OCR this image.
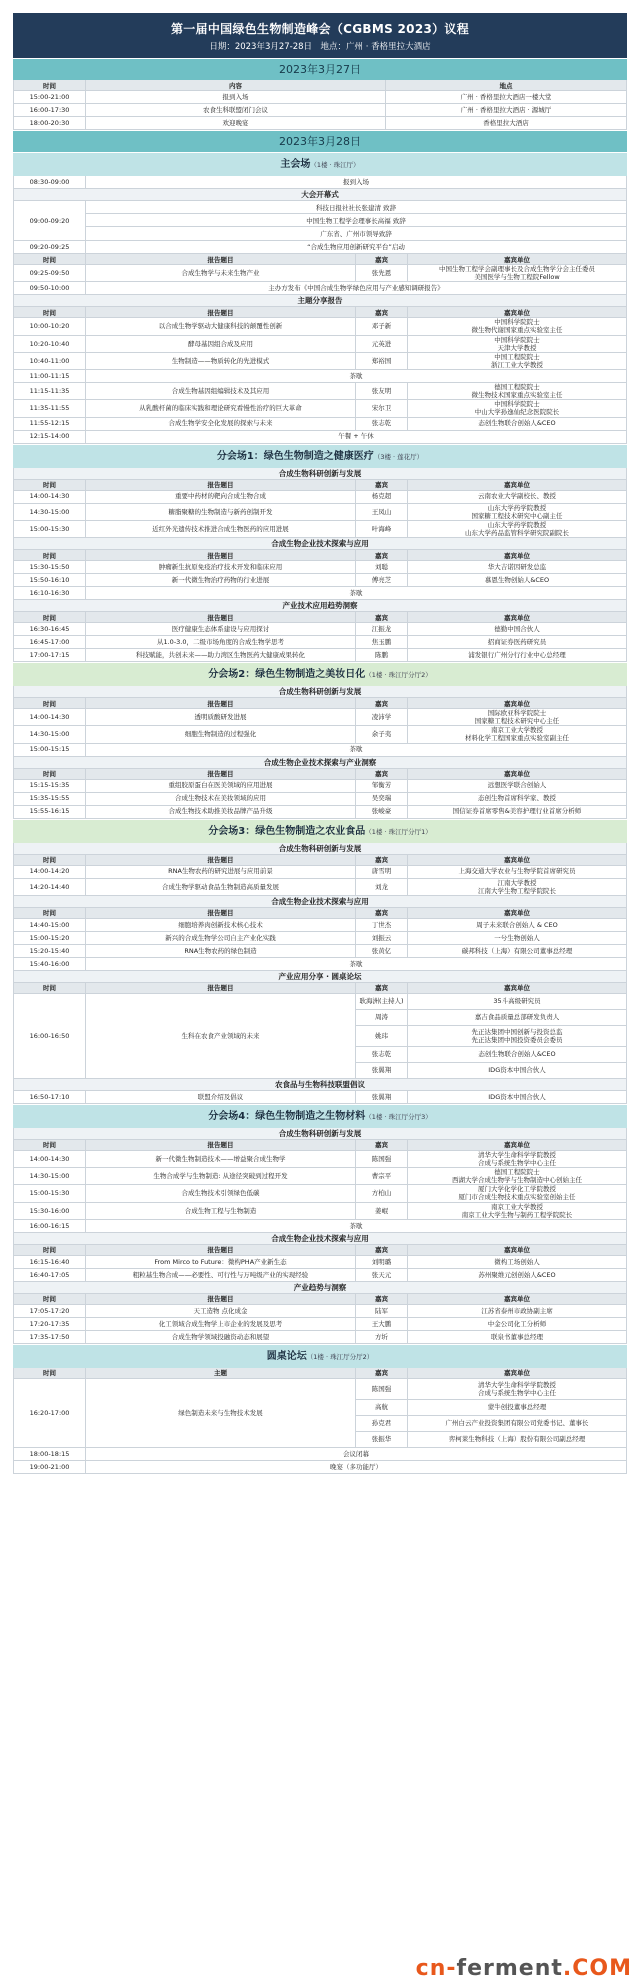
第一届中国绿色生物制造峰会（CGBMS 2023）议程
日期：2023年3月27-28日　地点：广州 · 香格里拉大酒店
2023年3月27日
时间	内容	地点
15:00-21:00	报到入场	广州 · 香格里拉大酒店一楼大堂
16:00-17:30	农食生科联盟闭门会议	广州 · 香格里拉大酒店 · 源城厅
18:00-20:30	欢迎晚宴	香格里拉大酒店
2023年3月28日
主会场（1楼 · 珠江厅）
08:30-09:00	报到入场
大会开幕式
09:00-09:20
科技日报社社长张建清 致辞
中国生物工程学会理事长高福 致辞
广东省、广州市领导致辞
09:20-09:25	“合成生物应用创新研究平台”启动
时间	报告题目	嘉宾	嘉宾单位
09:25-09:50	合成生物学与未来生物产业	张先恩
中国生物工程学会副理事长及合成生物学分会主任委员
美国医学与生物工程院Fellow
09:50-10:00	主办方发布《中国合成生物学绿色应用与产业感知调研报告》
主题分享报告
时间	报告题目	嘉宾	嘉宾单位
10:00-10:20	以合成生物学驱动大健康科技的颠覆性创新	邓子新
中国科学院院士
微生物代谢国家重点实验室主任
10:20-10:40	酵母基因组合成及应用	元英进
中国科学院院士
天津大学教授
10:40-11:00	生物制造——物质转化的先进模式	郑裕国
中国工程院院士
浙江工业大学教授
11:00-11:15	茶歇
11:15-11:35	合成生物基因组编辑技术及其应用	张友明
德国工程院院士
微生物技术国家重点实验室主任
11:35-11:55	从乳酸杆菌的临床实践和理论研究看慢性治疗的巨大革命	宋尔卫
中国科学院院士
中山大学孙逸仙纪念医院院长
11:55-12:15	合成生物学安全化发展的探索与未来	张志乾	态创生物联合创始人&CEO
12:15-14:00	午餐 + 午休
分会场1：绿色生物制造之健康医疗（3楼 · 莲花厅）
合成生物科研创新与发展
时间	报告题目	嘉宾	嘉宾单位
14:00-14:30	重要中药材的靶向合成生物合成	杨克超	云南农业大学副校长、教授
14:30-15:00	糖脂聚糖的生物制造与新药创制开发	王凤山
山东大学药学院教授
国家糖工程技术研究中心副主任
15:00-15:30	近红外光遗传技术推进合成生物医药的应用进展	叶海峰
山东大学药学院教授
山东大学药品监管科学研究院副院长
合成生物企业技术探索与应用
时间	报告题目	嘉宾	嘉宾单位
15:30-15:50	肿瘤新生抗原免疫治疗技术开发和临床应用	刘聪	华大吉诺因研发总监
15:50-16:10	新一代微生物治疗药物的行业进展	傅亮芝	慕恩生物创始人&CEO
16:10-16:30	茶歇
产业技术应用趋势洞察
时间	报告题目	嘉宾	嘉宾单位
16:30-16:45	医疗健康生态体系建设与应用探讨	江振龙	德勤中国合伙人
16:45-17:00	从1.0-3.0，二级市场角度的合成生物学思考	焦玉鹏	招商证券医药研究员
17:00-17:15	科技赋能，共创未来——助力湾区生物医药大健康成果转化	陈鹏	浦发银行广州分行行业中心总经理
分会场2：绿色生物制造之美妆日化（1楼 · 珠江厅分厅2）
合成生物科研创新与发展
时间	报告题目	嘉宾	嘉宾单位
14:00-14:30	透明质酸研发进展	凌沛学
国际欧亚科学院院士
国家糖工程技术研究中心主任
14:30-15:00	细胞生物制造的过程强化	余子夷
南京工业大学教授
材料化学工程国家重点实验室副主任
15:00-15:15	茶歇
合成生物企业技术探索与产业洞察
时间	报告题目	嘉宾	嘉宾单位
15:15-15:35	重组胶原蛋白在医美领域的应用进展	邹衡芳	远想医学联合创始人
15:35-15:55	合成生物技术在美妆领域的应用	吴奕瑞	态创生物首席科学家、教授
15:55-16:15	合成生物技术助推美妆品牌产品升级	张峻豪	国信证券首席零售&美容护理行业首席分析师
分会场3：绿色生物制造之农业食品（1楼 · 珠江厅分厅1）
合成生物科研创新与发展
时间	报告题目	嘉宾	嘉宾单位
14:00-14:20	RNA生物农药的研究进展与应用前景	唐雪明	上海交通大学农业与生物学院首席研究员
14:20-14:40	合成生物学驱动食品生物制造高质量发展	刘龙
江南大学教授
江南大学生物工程学院院长
合成生物企业技术探索与应用
时间	报告题目	嘉宾	嘉宾单位
14:40-15:00	细胞培养肉创新技术核心技术	丁世杰	周子未来联合创始人 & CEO
15:00-15:20	新兴的合成生物学公司自主产业化实践	刘振云	一兮生物创始人
15:20-15:40	RNA生物农药的绿色制造	张黄亿	碳邦科技（上海）有限公司董事总经理
15:40-16:00	茶歇
产业应用分享 · 圆桌论坛
时间	报告题目	嘉宾	嘉宾单位
16:00-16:50	生科在农食产业领域的未来
耿海洲(主持人)	35斗高级研究员
周涛	嘉吉食品质量总部研发负责人
姚玮
先正达集团中国创新与投资总监
先正达集团中国投资委员会委员
张志乾	态创生物联合创始人&CEO
张翼翔	IDG资本中国合伙人
农食品与生物科技联盟倡议
16:50-17:10	联盟介绍及倡议	张翼翔	IDG资本中国合伙人
分会场4：绿色生物制造之生物材料（1楼 · 珠江厅分厅3）
合成生物科研创新与发展
时间	报告题目	嘉宾	嘉宾单位
14:00-14:30	新一代微生物制造技术——增益聚合成生物学	陈国强
清华大学生命科学学院教授
合成与系统生物学中心主任
14:30-15:00	生物合成学与生物制造: 从途径突破到过程开发	曹宗平
德国工程院院士
西湖大学合成生物学与生物制造中心创始主任
15:00-15:30	合成生物技术引领绿色低碳	方柏山
厦门大学化学化工学院教授
厦门市合成生物技术重点实验室创始主任
15:30-16:00	合成生物工程与生物制造	姜岷
南京工业大学教授
南京工业大学生物与制药工程学院院长
16:00-16:15	茶歇
合成生物企业技术探索与应用
时间	报告题目	嘉宾	嘉宾单位
16:15-16:40	From Mirco to Future：微构PHA产业新生态	刘明璐	微构工场创始人
16:40-17:05	粗粒基生物合成——必要性、可行性与万吨级产业的实现经验	张天元	苏州聚维元创创始人&CEO
产业趋势与洞察
时间	报告题目	嘉宾	嘉宾单位
17:05-17:20	天工造物 点化成金	陆军	江苏省泰州市政协副主席
17:20-17:35	化工领域合成生物学上市企业的发展及思考	王大鹏	中金公司化工分析师
17:35-17:50	合成生物学领域投融资动态和展望	方圻	联泉书董事总经理
圆桌论坛（1楼 · 珠江厅分厅2）
时间	主题	嘉宾	嘉宾单位
16:20-17:00	绿色制造未来与生物技术发展
陈国强
清华大学生命科学学院教授
合成与系统生物学中心主任
高航	蒙牛创投董事总经理
孙克君	广州白云产业投资集团有限公司党委书记、董事长
张振华	弈柯莱生物科技（上海）股份有限公司副总经理
18:00-18:15	会议闭幕
19:00-21:00	晚宴（多功能厅）
cn-ferment.COM
